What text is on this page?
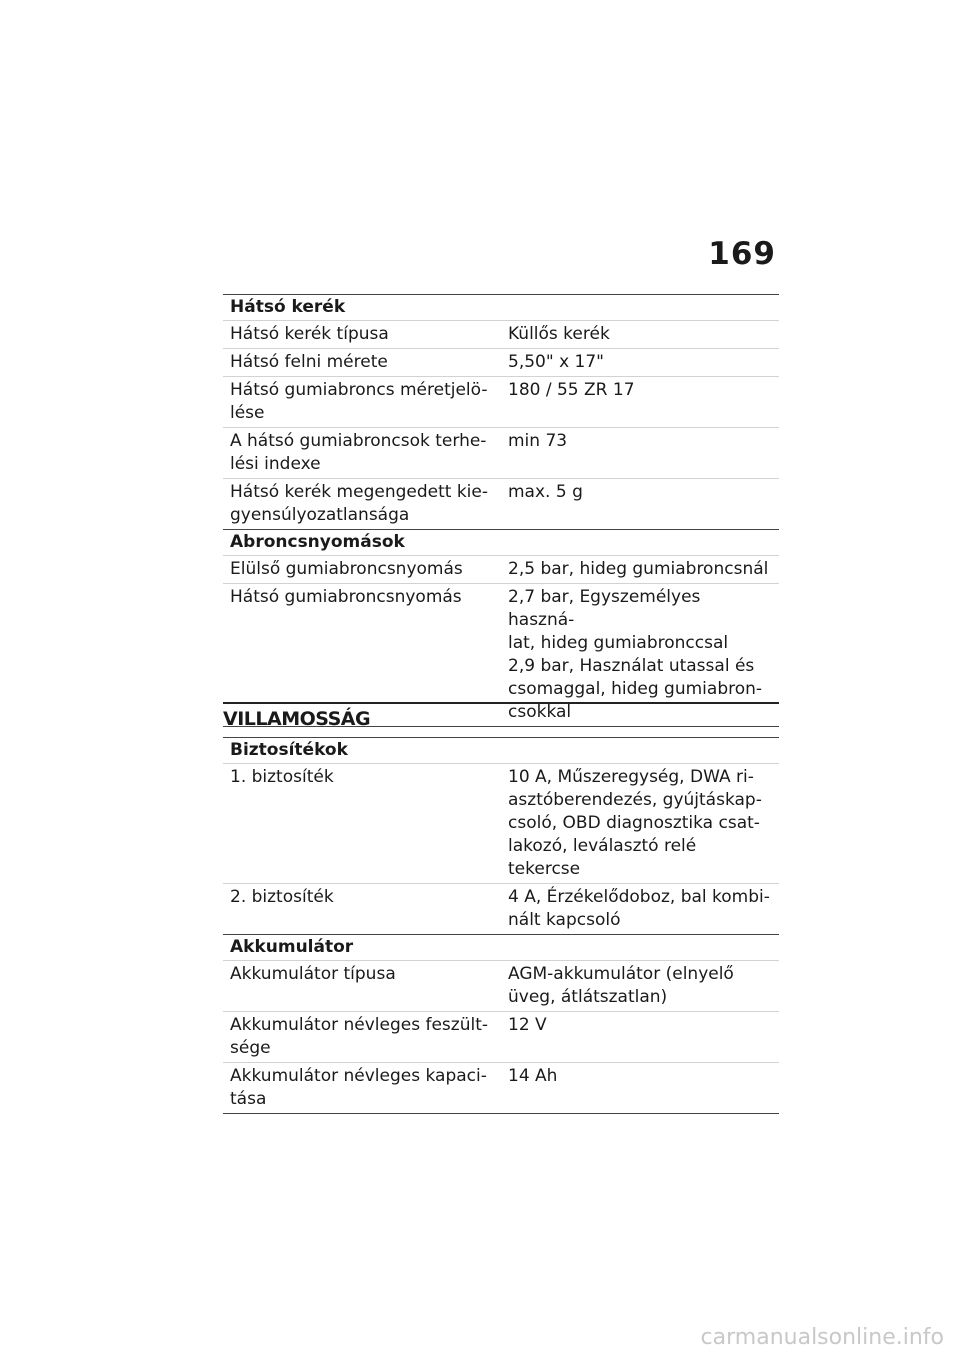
169
Hátsó kerék	

Hátsó kerék típusa	Küllős kerék

Hátsó felni mérete	5,50" x 17"

Hátsó gumiabroncs méretjelö-
lése	180 / 55 ZR 17

A hátsó gumiabroncsok terhe-
lési indexe	min 73

Hátsó kerék megengedett kie-
gyensúlyozatlansága	max. 5 g

Abroncsnyomások	

Elülső gumiabroncsnyomás	2,5 bar, hideg gumiabroncsnál

Hátsó gumiabroncsnyomás	2,7 bar, Egyszemélyes haszná-
lat, hideg gumiabronccsal
2,9 bar, Használat utassal és
csomaggal, hideg gumiabron-
csokkal
VILLAMOSSÁG
Biztosítékok	

1. biztosíték	10 A, Műszeregység, DWA ri-
asztóberendezés, gyújtáskap-
csoló, OBD diagnosztika csat-
lakozó, leválasztó relé tekercse

2. biztosíték	4 A, Érzékelődoboz, bal kombi-
nált kapcsoló

Akkumulátor	

Akkumulátor típusa	AGM-akkumulátor (elnyelő
üveg, átlátszatlan)

Akkumulátor névleges feszült-
sége	12 V

Akkumulátor névleges kapaci-
tása	14 Ah
carmanualsonline.info
